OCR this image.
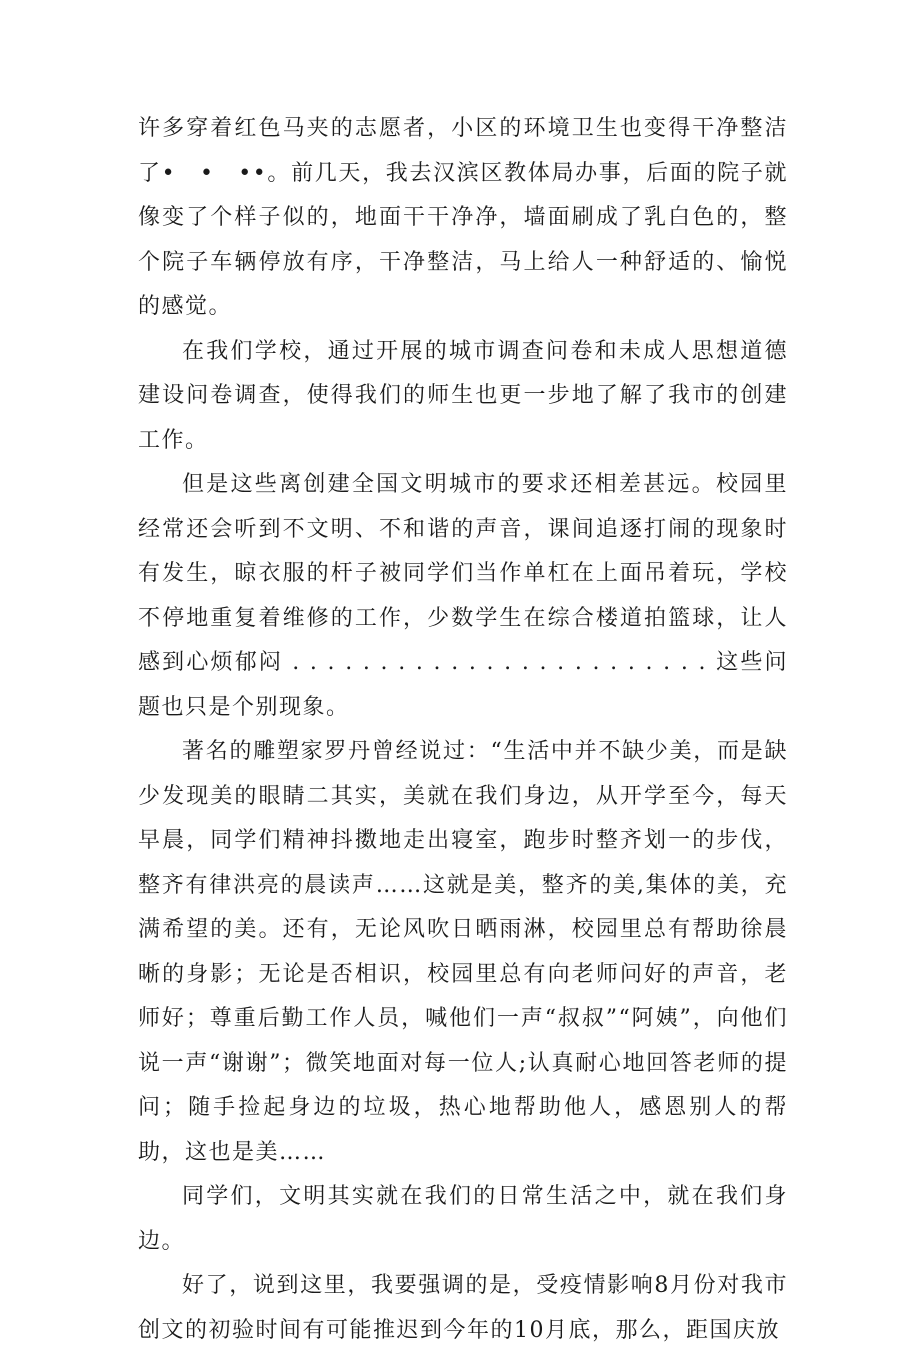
许多穿着红色马夹的志愿者，小区的环境卫生也变得干净整洁了•　•　••。前几天，我去汉滨区教体局办事，后面的院子就像变了个样子似的，地面干干净净，墙面刷成了乳白色的，整个院子车辆停放有序，干净整洁，马上给人一种舒适的、愉悦的感觉。

在我们学校，通过开展的城市调查问卷和未成人思想道德建设问卷调查，使得我们的师生也更一步地了解了我市的创建工作。

但是这些离创建全国文明城市的要求还相差甚远。校园里经常还会听到不文明、不和谐的声音，课间追逐打闹的现象时有发生，晾衣服的杆子被同学们当作单杠在上面吊着玩，学校不停地重复着维修的工作，少数学生在综合楼道拍篮球，让人感到心烦郁闷 . . . . . . . . . . . . . . . . . . . . . . . . 这些问题也只是个别现象。

著名的雕塑家罗丹曾经说过：“生活中并不缺少美，而是缺少发现美的眼睛二其实，美就在我们身边，从开学至今，每天早晨，同学们精神抖擞地走出寝室，跑步时整齐划一的步伐，整齐有律洪亮的晨读声……这就是美，整齐的美,集体的美，充满希望的美。还有，无论风吹日晒雨淋，校园里总有帮助徐晨晰的身影；无论是否相识，校园里总有向老师问好的声音，老师好；尊重后勤工作人员，喊他们一声“叔叔”“阿姨”，向他们说一声“谢谢”；微笑地面对每一位人;认真耐心地回答老师的提问；随手捡起身边的垃圾，热心地帮助他人，感恩别人的帮助，这也是美……

同学们，文明其实就在我们的日常生活之中，就在我们身边。

好了，说到这里，我要强调的是，受疫情影响8月份对我市创文的初验时间有可能推迟到今年的10月底，那么，距国庆放
